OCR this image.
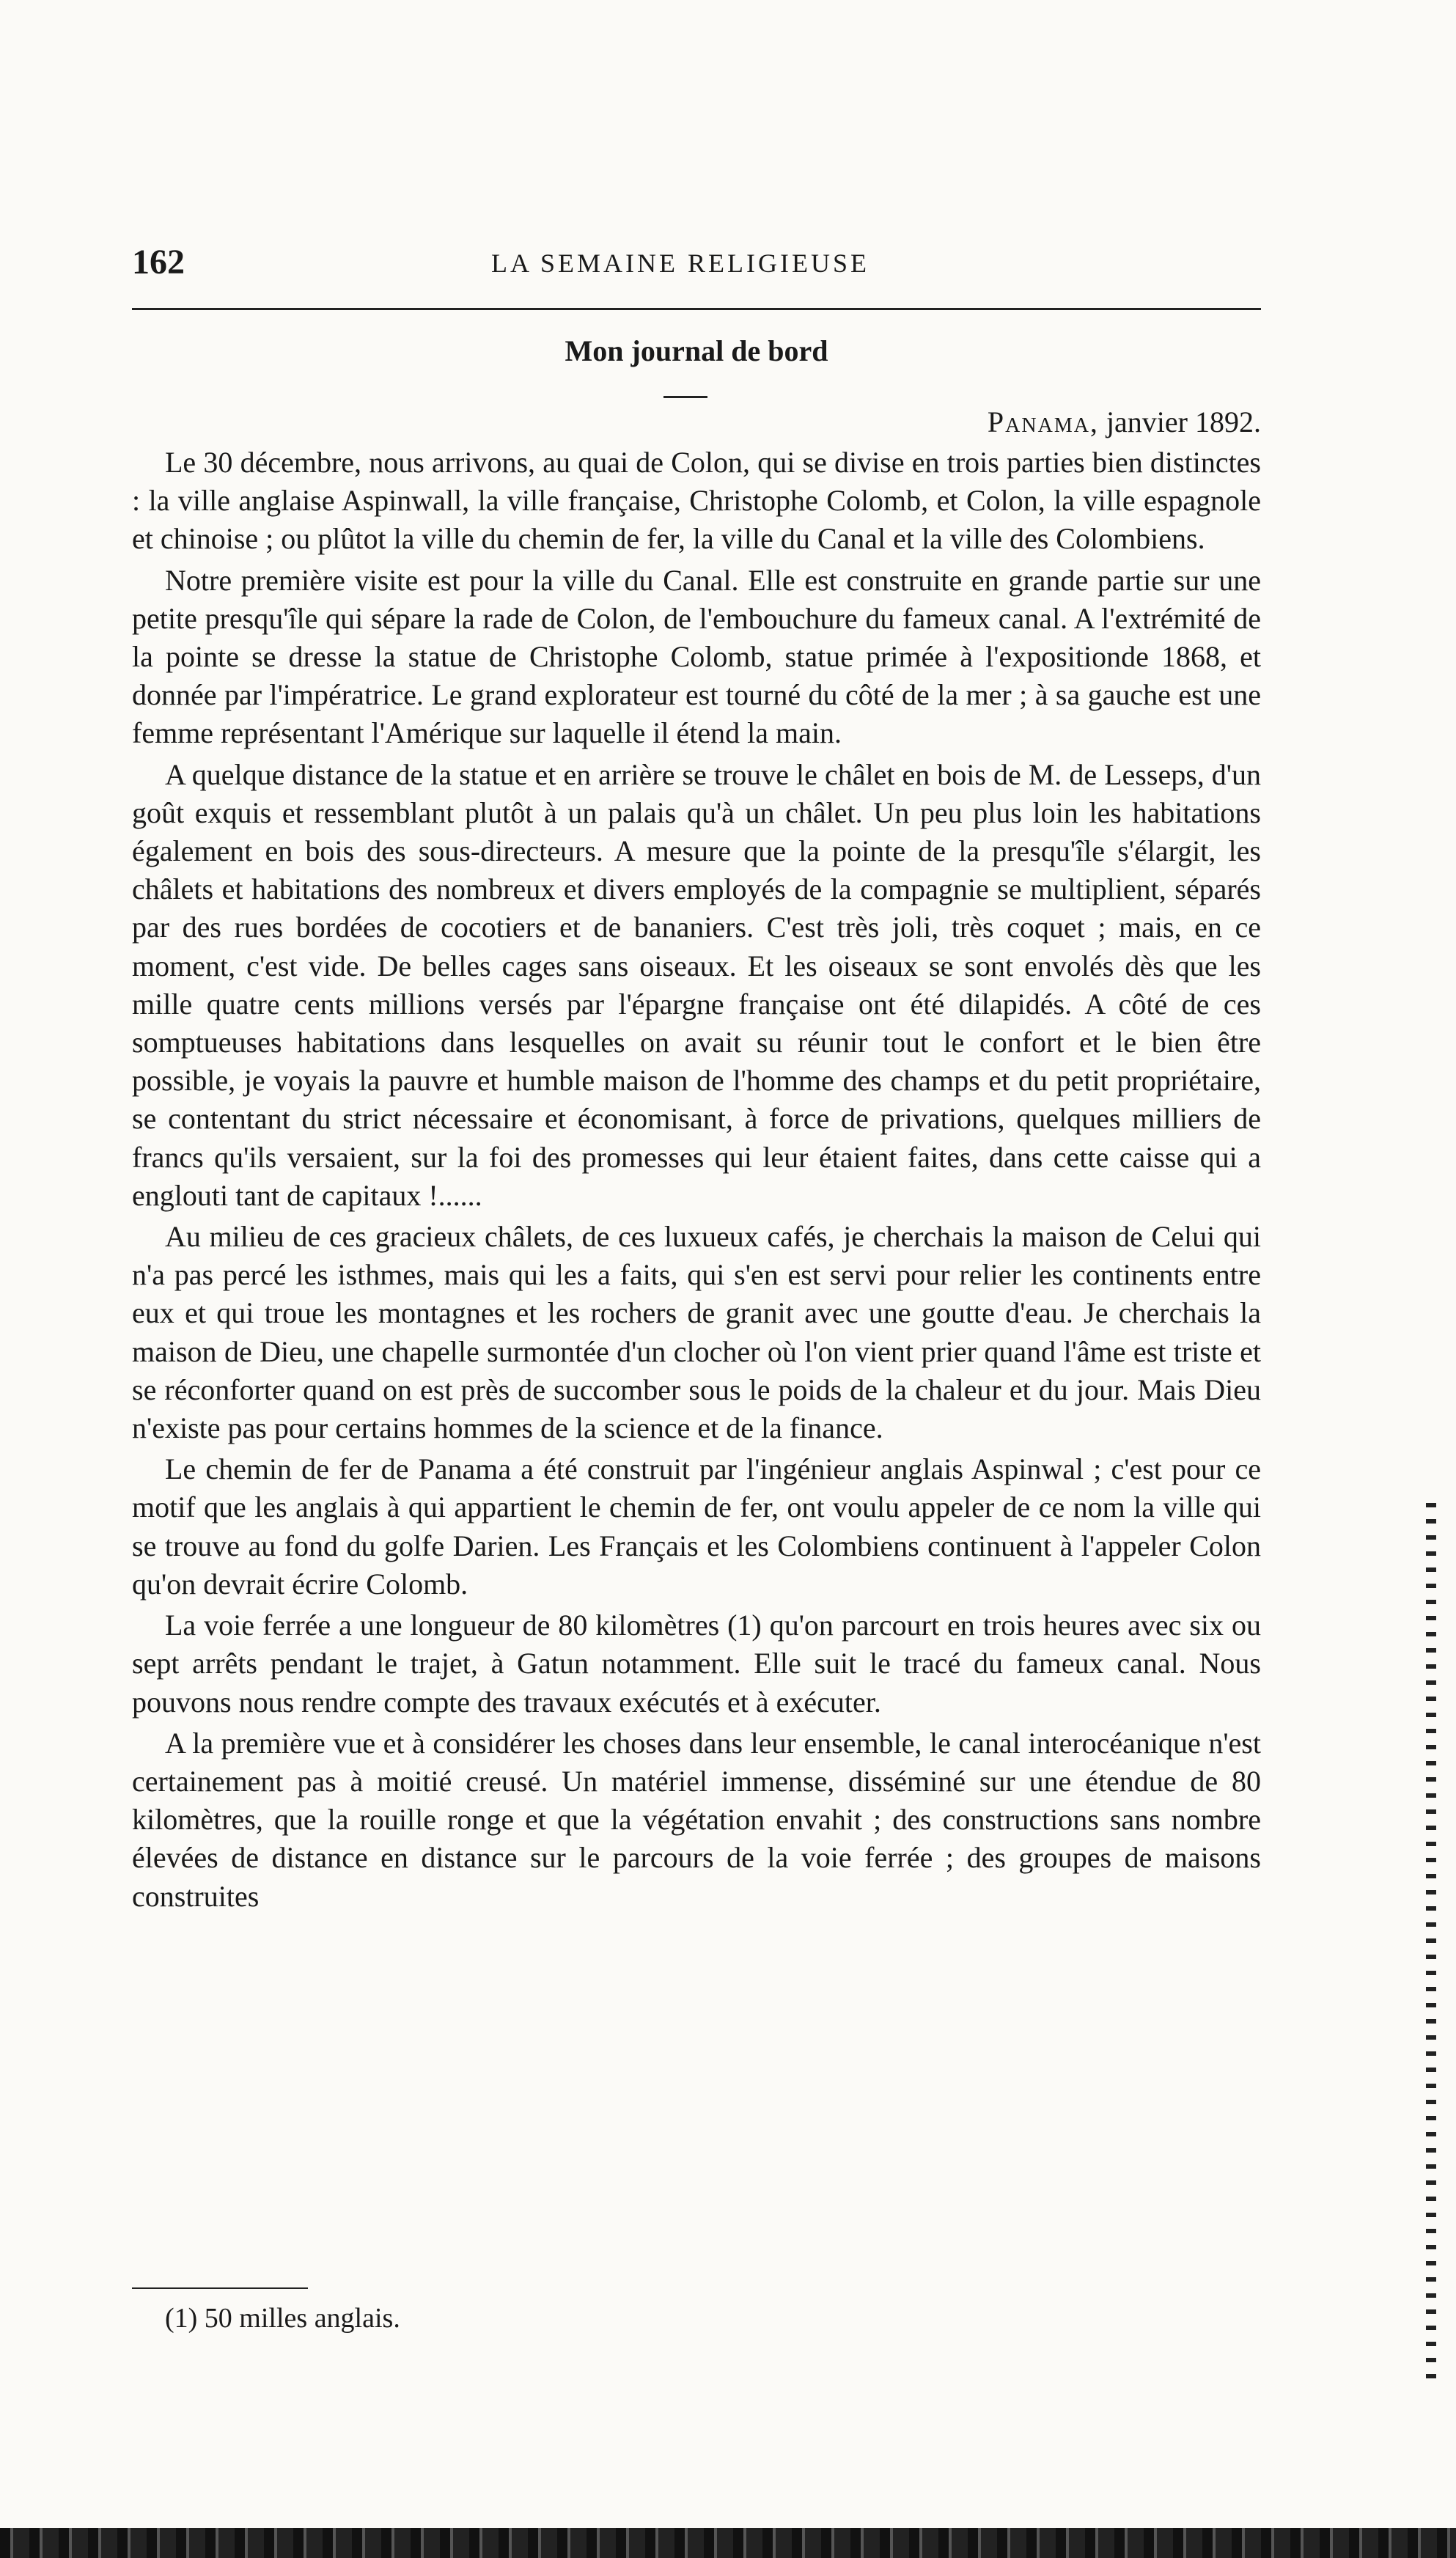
162	LA SEMAINE RELIGIEUSE
Mon journal de bord
Panama, janvier 1892.

Le 30 décembre, nous arrivons, au quai de Colon, qui se divise en trois parties bien distinctes : la ville anglaise Aspinwall, la ville française, Christophe Colomb, et Colon, la ville espagnole et chinoise ; ou plûtot la ville du chemin de fer, la ville du Canal et la ville des Colombiens.

Notre première visite est pour la ville du Canal. Elle est construite en grande partie sur une petite presqu'île qui sépare la rade de Colon, de l'embouchure du fameux canal. A l'extrémité de la pointe se dresse la statue de Christophe Colomb, statue primée à l'expositionde 1868, et donnée par l'impératrice. Le grand explorateur est tourné du côté de la mer ; à sa gauche est une femme représentant l'Amérique sur laquelle il étend la main.

A quelque distance de la statue et en arrière se trouve le châlet en bois de M. de Lesseps, d'un goût exquis et ressemblant plutôt à un palais qu'à un châlet. Un peu plus loin les habitations également en bois des sous-directeurs. A mesure que la pointe de la presqu'île s'élargit, les châlets et habitations des nombreux et divers employés de la compagnie se multiplient, séparés par des rues bordées de cocotiers et de bananiers. C'est très joli, très coquet ; mais, en ce moment, c'est vide. De belles cages sans oiseaux. Et les oiseaux se sont envolés dès que les mille quatre cents millions versés par l'épargne française ont été dilapidés. A côté de ces somptueuses habitations dans lesquelles on avait su réunir tout le confort et le bien être possible, je voyais la pauvre et humble maison de l'homme des champs et du petit propriétaire, se contentant du strict nécessaire et économisant, à force de privations, quelques milliers de francs qu'ils versaient, sur la foi des promesses qui leur étaient faites, dans cette caisse qui a englouti tant de capitaux !......

Au milieu de ces gracieux châlets, de ces luxueux cafés, je cherchais la maison de Celui qui n'a pas percé les isthmes, mais qui les a faits, qui s'en est servi pour relier les continents entre eux et qui troue les montagnes et les rochers de granit avec une goutte d'eau. Je cherchais la maison de Dieu, une chapelle surmontée d'un clocher où l'on vient prier quand l'âme est triste et se réconforter quand on est près de succomber sous le poids de la chaleur et du jour. Mais Dieu n'existe pas pour certains hommes de la science et de la finance.

Le chemin de fer de Panama a été construit par l'ingénieur anglais Aspinwal ; c'est pour ce motif que les anglais à qui appartient le chemin de fer, ont voulu appeler de ce nom la ville qui se trouve au fond du golfe Darien. Les Français et les Colombiens continuent à l'appeler Colon qu'on devrait écrire Colomb.

La voie ferrée a une longueur de 80 kilomètres (1) qu'on parcourt en trois heures avec six ou sept arrêts pendant le trajet, à Gatun notamment. Elle suit le tracé du fameux canal. Nous pouvons nous rendre compte des travaux exécutés et à exécuter.

A la première vue et à considérer les choses dans leur ensemble, le canal interocéanique n'est certainement pas à moitié creusé. Un matériel immense, disséminé sur une étendue de 80 kilomètres, que la rouille ronge et que la végétation envahit ; des constructions sans nombre élevées de distance en distance sur le parcours de la voie ferrée ; des groupes de maisons construites

(1) 50 milles anglais.
